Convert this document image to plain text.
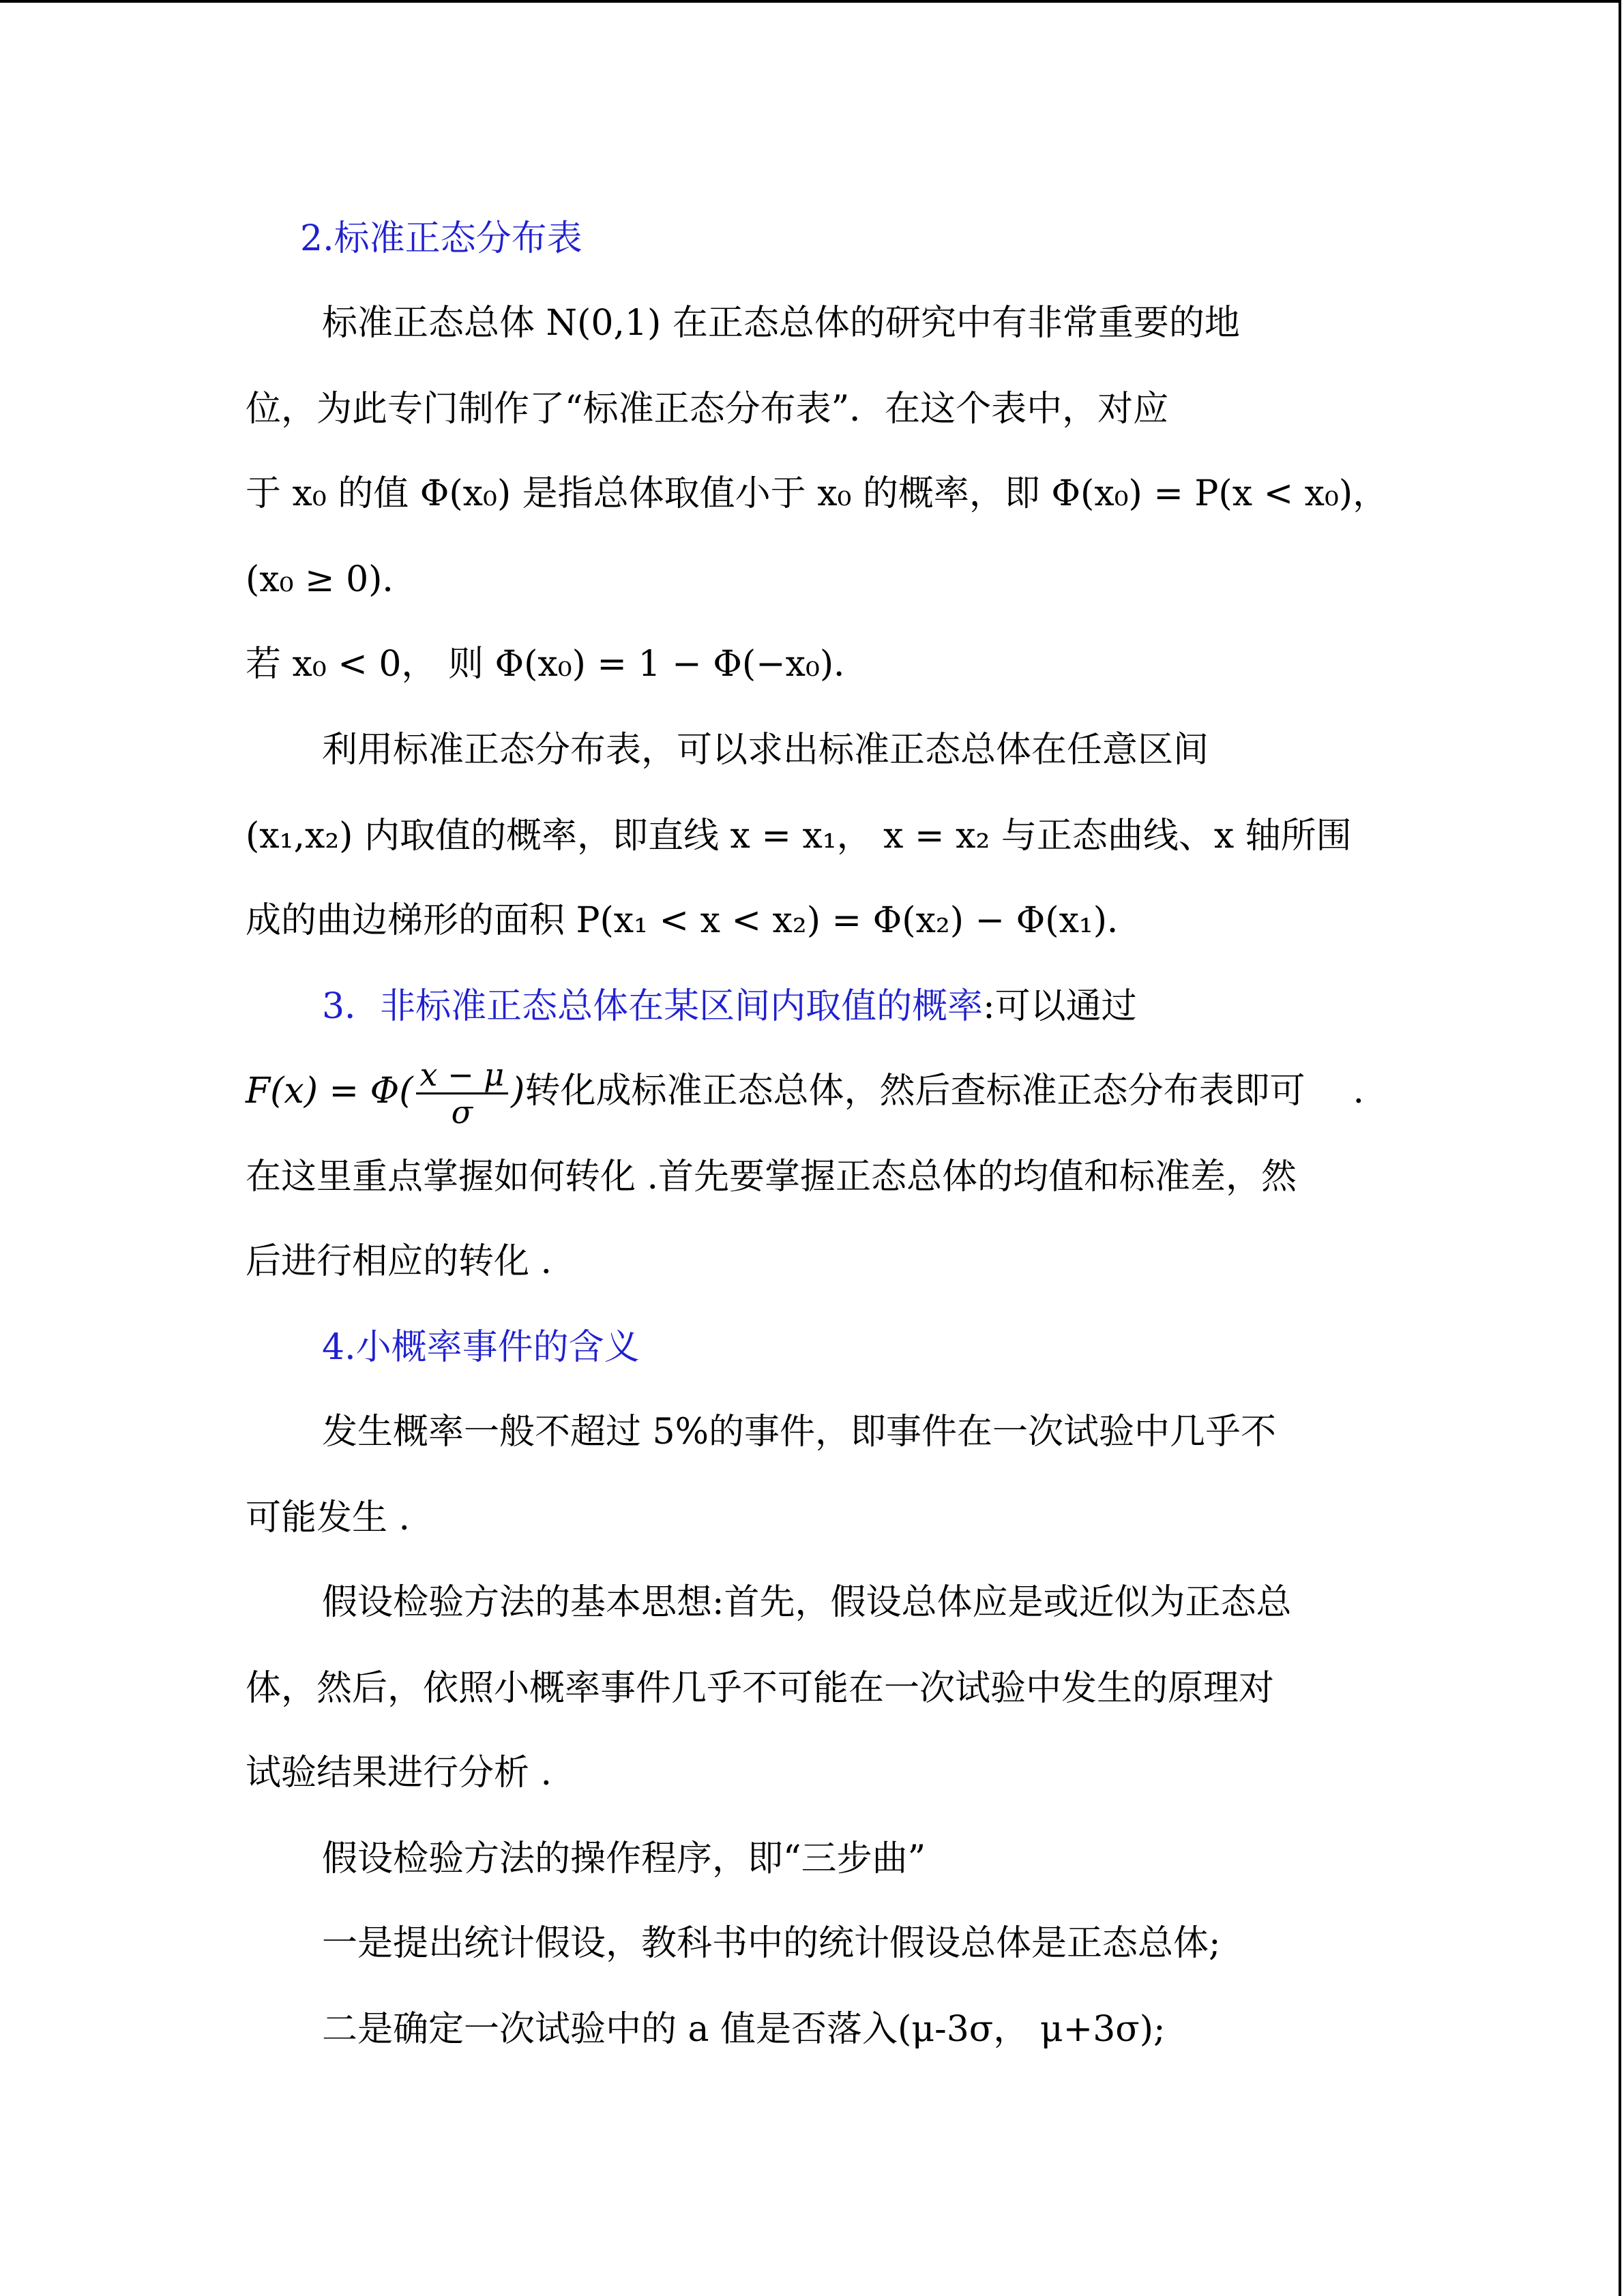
2.标准正态分布表
标准正态总体 N(0,1) 在正态总体的研究中有非常重要的地
位，为此专门制作了“标准正态分布表”．在这个表中，对应
于 x₀ 的值 Φ(x₀) 是指总体取值小于 x₀ 的概率，即 Φ(x₀) = P(x < x₀)，
(x₀ ≥ 0)．
若 x₀ < 0， 则 Φ(x₀) = 1 − Φ(−x₀)．
利用标准正态分布表，可以求出标准正态总体在任意区间
(x₁,x₂) 内取值的概率，即直线 x = x₁， x = x₂ 与正态曲线、x 轴所围
成的曲边梯形的面积 P(x₁ < x < x₂) = Φ(x₂) − Φ(x₁)．
3．非标准正态总体在某区间内取值的概率:可以通过
$F(x) = \Phi( \frac{x - \mu}{\sigma}$ )转化成标准正态总体，然后查标准正态分布表即可 .
在这里重点掌握如何转化 .首先要掌握正态总体的均值和标准差，然
后进行相应的转化 .
4.小概率事件的含义
发生概率一般不超过 5%的事件，即事件在一次试验中几乎不
可能发生 .
假设检验方法的基本思想:首先，假设总体应是或近似为正态总
体，然后，依照小概率事件几乎不可能在一次试验中发生的原理对
试验结果进行分析 .
假设检验方法的操作程序，即“三步曲”
一是提出统计假设，教科书中的统计假设总体是正态总体;
二是确定一次试验中的 a 值是否落入(μ-3σ， μ+3σ);
